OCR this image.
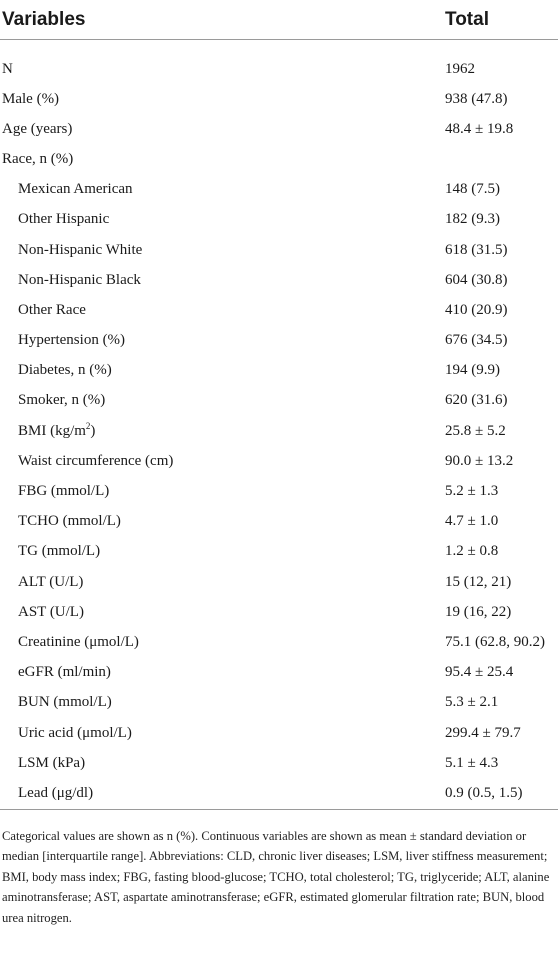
Variables	Total
N	1962
Male (%)	938 (47.8)
Age (years)	48.4 ± 19.8
Race, n (%)	
Mexican American	148 (7.5)
Other Hispanic	182 (9.3)
Non-Hispanic White	618 (31.5)
Non-Hispanic Black	604 (30.8)
Other Race	410 (20.9)
Hypertension (%)	676 (34.5)
Diabetes, n (%)	194 (9.9)
Smoker, n (%)	620 (31.6)
BMI $(kg/m^2)$	25.8 ± 5.2
Waist circumference (cm)	90.0 ± 13.2
FBG (mmol/L)	5.2 ± 1.3
TCHO (mmol/L)	4.7 ± 1.0
TG (mmol/L)	1.2 ± 0.8
ALT (U/L)	15 (12, 21)
AST (U/L)	19 (16, 22)
Creatinine (μmol/L)	75.1 (62.8, 90.2)
eGFR (ml/min)	95.4 ± 25.4
BUN (mmol/L)	5.3 ± 2.1
Uric acid (μmol/L)	299.4 ± 79.7
LSM (kPa)	5.1 ± 4.3
Lead (μg/dl)	0.9 (0.5, 1.5)
Categorical values are shown as n (%). Continuous variables are shown as mean ± standard deviation or median [interquartile range]. Abbreviations: CLD, chronic liver diseases; LSM, liver stiffness measurement; BMI, body mass index; FBG, fasting blood-glucose; TCHO, total cholesterol; TG, triglyceride; ALT, alanine aminotransferase; AST, aspartate aminotransferase; eGFR, estimated glomerular filtration rate; BUN, blood urea nitrogen.
